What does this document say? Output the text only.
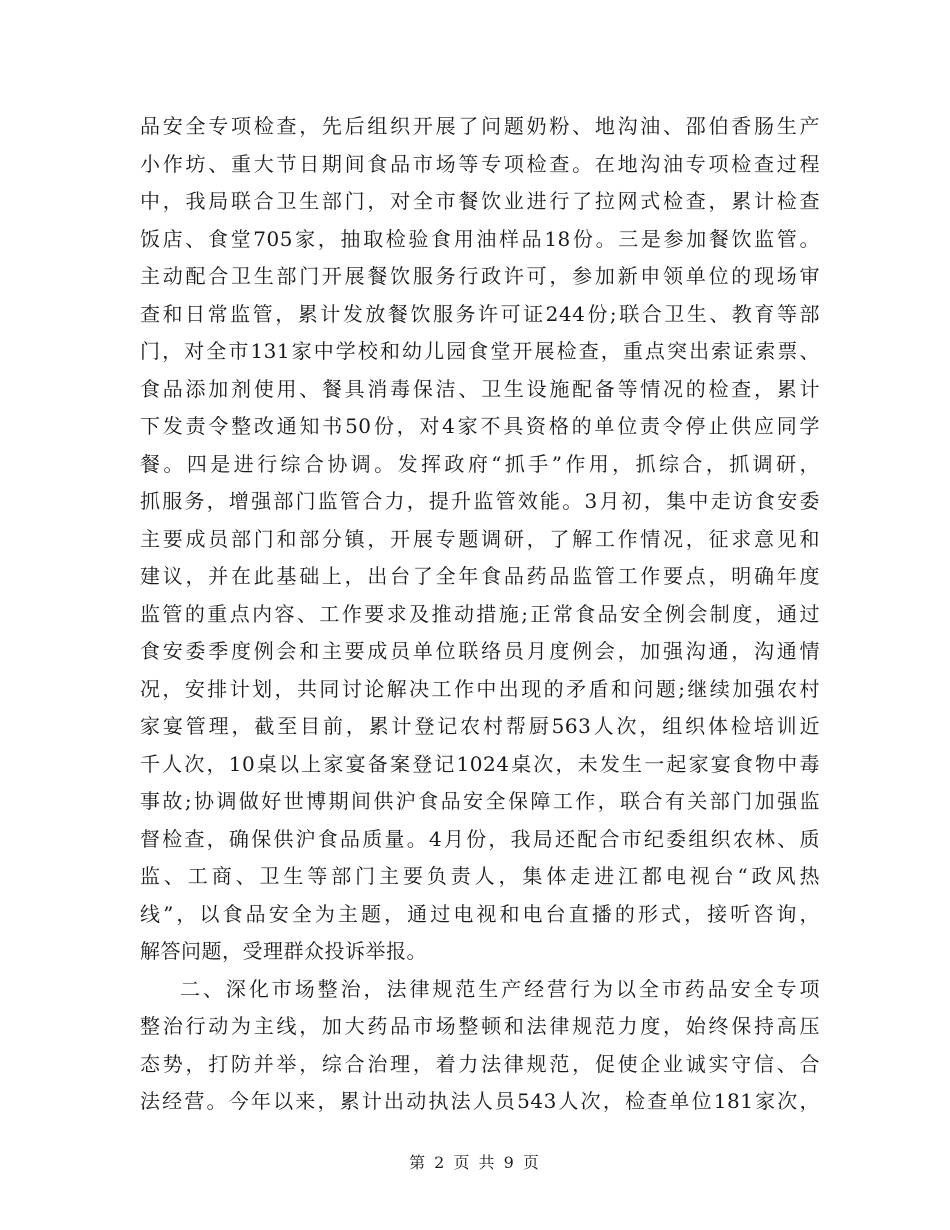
品安全专项检查，先后组织开展了问题奶粉、地沟油、邵伯香肠生产
小作坊、重大节日期间食品市场等专项检查。在地沟油专项检查过程
中，我局联合卫生部门，对全市餐饮业进行了拉网式检查，累计检查
饭店、食堂705家，抽取检验食用油样品18份。三是参加餐饮监管。
主动配合卫生部门开展餐饮服务行政许可，参加新申领单位的现场审
查和日常监管，累计发放餐饮服务许可证244份;联合卫生、教育等部
门，对全市131家中学校和幼儿园食堂开展检查，重点突出索证索票、
食品添加剂使用、餐具消毒保洁、卫生设施配备等情况的检查，累计
下发责令整改通知书50份，对4家不具资格的单位责令停止供应同学
餐。四是进行综合协调。发挥政府“抓手”作用，抓综合，抓调研，
抓服务，增强部门监管合力，提升监管效能。3月初，集中走访食安委
主要成员部门和部分镇，开展专题调研，了解工作情况，征求意见和
建议，并在此基础上，出台了全年食品药品监管工作要点，明确年度
监管的重点内容、工作要求及推动措施;正常食品安全例会制度，通过
食安委季度例会和主要成员单位联络员月度例会，加强沟通，沟通情
况，安排计划，共同讨论解决工作中出现的矛盾和问题;继续加强农村
家宴管理，截至目前，累计登记农村帮厨563人次，组织体检培训近
千人次，10桌以上家宴备案登记1024桌次，未发生一起家宴食物中毒
事故;协调做好世博期间供沪食品安全保障工作，联合有关部门加强监
督检查，确保供沪食品质量。4月份，我局还配合市纪委组织农林、质
监、工商、卫生等部门主要负责人，集体走进江都电视台“政风热
线”，以食品安全为主题，通过电视和电台直播的形式，接听咨询，
解答问题，受理群众投诉举报。
二、深化市场整治，法律规范生产经营行为以全市药品安全专项
整治行动为主线，加大药品市场整顿和法律规范力度，始终保持高压
态势，打防并举，综合治理，着力法律规范，促使企业诚实守信、合
法经营。今年以来，累计出动执法人员543人次，检查单位181家次，
第 2 页 共 9 页
